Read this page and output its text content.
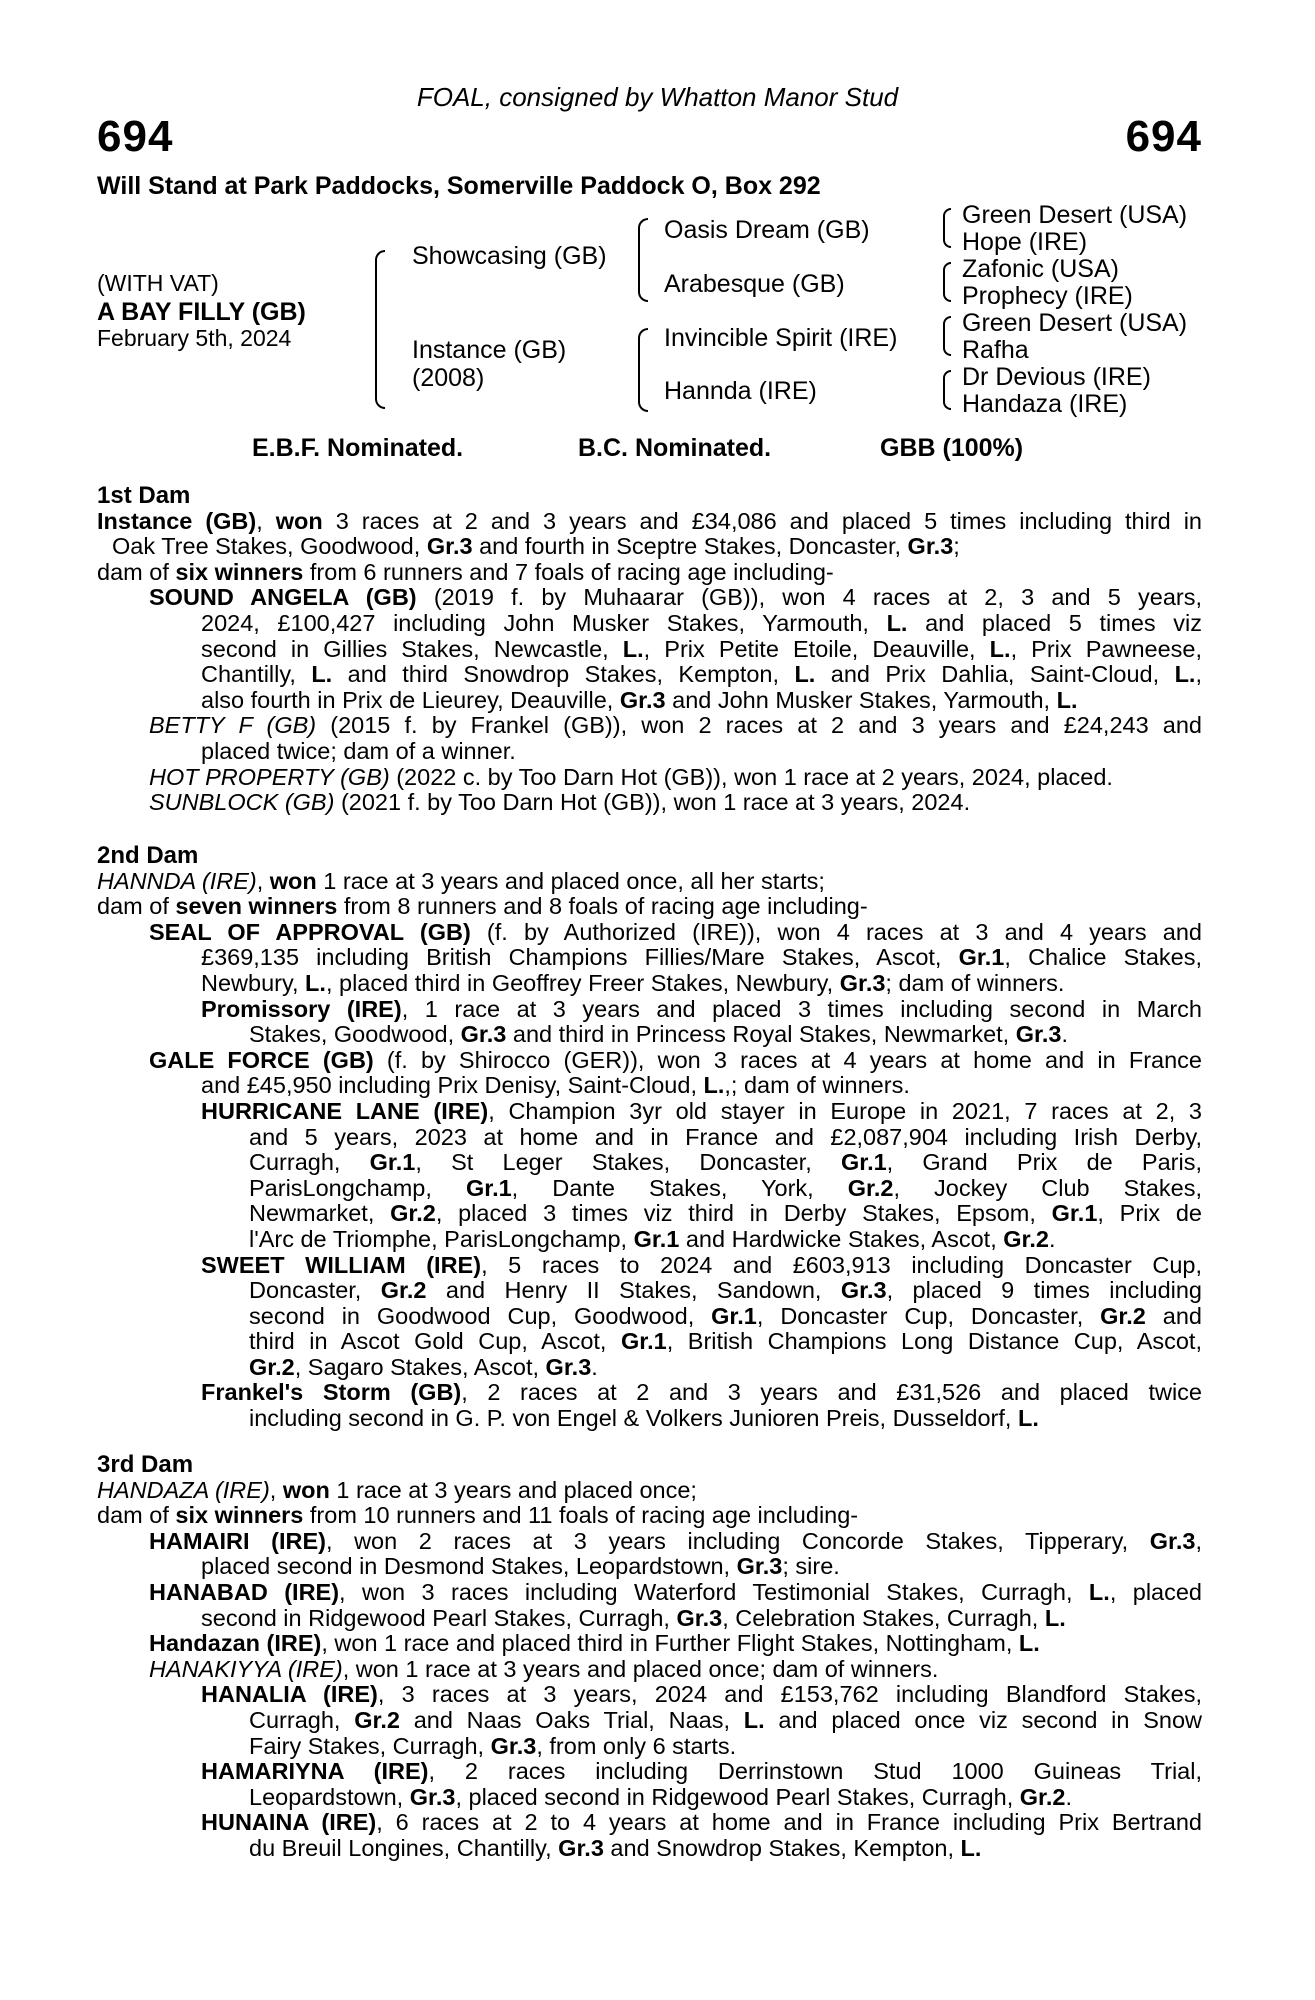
FOAL, consigned by Whatton Manor Stud
694	694
Will Stand at Park Paddocks, Somerville Paddock O, Box 292
(WITH VAT)
A BAY FILLY (GB)
February 5th, 2024
Showcasing (GB)
Instance (GB)
(2008)
Oasis Dream (GB)
Arabesque (GB)
Invincible Spirit (IRE)
Hannda (IRE)
Green Desert (USA)
Hope (IRE)
Zafonic (USA)
Prophecy (IRE)
Green Desert (USA)
Rafha
Dr Devious (IRE)
Handaza (IRE)
E.B.F. Nominated.	B.C. Nominated.	GBB (100%)
1st Dam
Instance (GB), won 3 races at 2 and 3 years and £34,086 and placed 5 times including third in
Oak Tree Stakes, Goodwood, Gr.3 and fourth in Sceptre Stakes, Doncaster, Gr.3;
dam of six winners from 6 runners and 7 foals of racing age including-
SOUND ANGELA (GB) (2019 f. by Muhaarar (GB)), won 4 races at 2, 3 and 5 years,
2024, £100,427 including John Musker Stakes, Yarmouth, L. and placed 5 times viz
second in Gillies Stakes, Newcastle, L., Prix Petite Etoile, Deauville, L., Prix Pawneese,
Chantilly, L. and third Snowdrop Stakes, Kempton, L. and Prix Dahlia, Saint-Cloud, L.,
also fourth in Prix de Lieurey, Deauville, Gr.3 and John Musker Stakes, Yarmouth, L.
BETTY F (GB) (2015 f. by Frankel (GB)), won 2 races at 2 and 3 years and £24,243 and
placed twice; dam of a winner.
HOT PROPERTY (GB) (2022 c. by Too Darn Hot (GB)), won 1 race at 2 years, 2024, placed.
SUNBLOCK (GB) (2021 f. by Too Darn Hot (GB)), won 1 race at 3 years, 2024.
2nd Dam
HANNDA (IRE), won 1 race at 3 years and placed once, all her starts;
dam of seven winners from 8 runners and 8 foals of racing age including-
SEAL OF APPROVAL (GB) (f. by Authorized (IRE)), won 4 races at 3 and 4 years and
£369,135 including British Champions Fillies/Mare Stakes, Ascot, Gr.1, Chalice Stakes,
Newbury, L., placed third in Geoffrey Freer Stakes, Newbury, Gr.3; dam of winners.
Promissory (IRE), 1 race at 3 years and placed 3 times including second in March
Stakes, Goodwood, Gr.3 and third in Princess Royal Stakes, Newmarket, Gr.3.
GALE FORCE (GB) (f. by Shirocco (GER)), won 3 races at 4 years at home and in France
and £45,950 including Prix Denisy, Saint-Cloud, L.,; dam of winners.
HURRICANE LANE (IRE), Champion 3yr old stayer in Europe in 2021, 7 races at 2, 3
and 5 years, 2023 at home and in France and £2,087,904 including Irish Derby,
Curragh, Gr.1, St Leger Stakes, Doncaster, Gr.1, Grand Prix de Paris,
ParisLongchamp, Gr.1, Dante Stakes, York, Gr.2, Jockey Club Stakes,
Newmarket, Gr.2, placed 3 times viz third in Derby Stakes, Epsom, Gr.1, Prix de
l'Arc de Triomphe, ParisLongchamp, Gr.1 and Hardwicke Stakes, Ascot, Gr.2.
SWEET WILLIAM (IRE), 5 races to 2024 and £603,913 including Doncaster Cup,
Doncaster, Gr.2 and Henry II Stakes, Sandown, Gr.3, placed 9 times including
second in Goodwood Cup, Goodwood, Gr.1, Doncaster Cup, Doncaster, Gr.2 and
third in Ascot Gold Cup, Ascot, Gr.1, British Champions Long Distance Cup, Ascot,
Gr.2, Sagaro Stakes, Ascot, Gr.3.
Frankel's Storm (GB), 2 races at 2 and 3 years and £31,526 and placed twice
including second in G. P. von Engel & Volkers Junioren Preis, Dusseldorf, L.
3rd Dam
HANDAZA (IRE), won 1 race at 3 years and placed once;
dam of six winners from 10 runners and 11 foals of racing age including-
HAMAIRI (IRE), won 2 races at 3 years including Concorde Stakes, Tipperary, Gr.3,
placed second in Desmond Stakes, Leopardstown, Gr.3; sire.
HANABAD (IRE), won 3 races including Waterford Testimonial Stakes, Curragh, L., placed
second in Ridgewood Pearl Stakes, Curragh, Gr.3, Celebration Stakes, Curragh, L.
Handazan (IRE), won 1 race and placed third in Further Flight Stakes, Nottingham, L.
HANAKIYYA (IRE), won 1 race at 3 years and placed once; dam of winners.
HANALIA (IRE), 3 races at 3 years, 2024 and £153,762 including Blandford Stakes,
Curragh, Gr.2 and Naas Oaks Trial, Naas, L. and placed once viz second in Snow
Fairy Stakes, Curragh, Gr.3, from only 6 starts.
HAMARIYNA (IRE), 2 races including Derrinstown Stud 1000 Guineas Trial,
Leopardstown, Gr.3, placed second in Ridgewood Pearl Stakes, Curragh, Gr.2.
HUNAINA (IRE), 6 races at 2 to 4 years at home and in France including Prix Bertrand
du Breuil Longines, Chantilly, Gr.3 and Snowdrop Stakes, Kempton, L.
